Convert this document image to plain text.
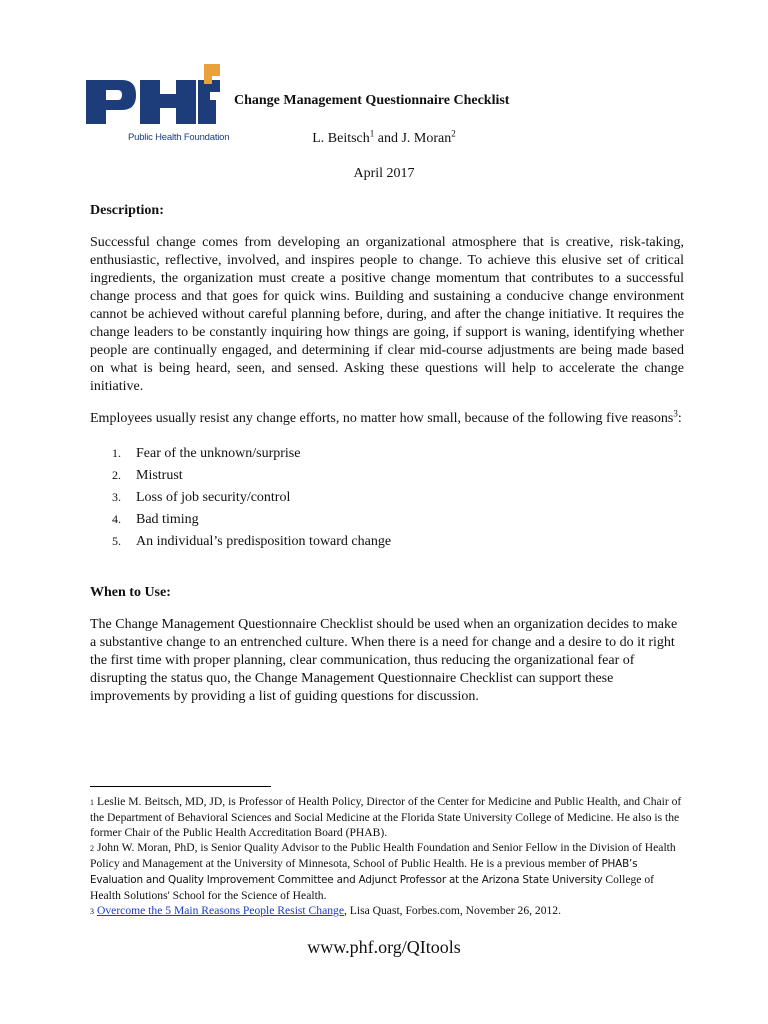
Public Health Foundation
Change Management Questionnaire Checklist
L. Beitsch$^1$ and J. Moran$^2$
April 2017
Description:

Successful change comes from developing an organizational atmosphere that is creative, risk-taking, enthusiastic, reflective, involved, and inspires people to change. To achieve this elusive set of critical ingredients, the organization must create a positive change momentum that contributes to a successful change process and that goes for quick wins. Building and sustaining a conducive change environment cannot be achieved without careful planning before, during, and after the change initiative. It requires the change leaders to be constantly inquiring how things are going, if support is waning, identifying whether people are continually engaged, and determining if clear mid-course adjustments are being made based on what is being heard, seen, and sensed. Asking these questions will help to accelerate the change initiative.

Employees usually resist any change efforts, no matter how small, because of the following five reasons$^3$:

1. Fear of the unknown/surprise
2. Mistrust
3. Loss of job security/control
4. Bad timing
5. An individual’s predisposition toward change
When to Use:

The Change Management Questionnaire Checklist should be used when an organization decides to make a substantive change to an entrenched culture. When there is a need for change and a desire to do it right the first time with proper planning, clear communication, thus reducing the organizational fear of disrupting the status quo, the Change Management Questionnaire Checklist can support these improvements by providing a list of guiding questions for discussion.

1 Leslie M. Beitsch, MD, JD, is Professor of Health Policy, Director of the Center for Medicine and Public Health, and Chair of the Department of Behavioral Sciences and Social Medicine at the Florida State University College of Medicine. He also is the former Chair of the Public Health Accreditation Board (PHAB).

2 John W. Moran, PhD, is Senior Quality Advisor to the Public Health Foundation and Senior Fellow in the Division of Health Policy and Management at the University of Minnesota, School of Public Health. He is a previous member of PHAB’s Evaluation and Quality Improvement Committee and Adjunct Professor at the Arizona State University College of Health Solutions' School for the Science of Health.

3 Overcome the 5 Main Reasons People Resist Change, Lisa Quast, Forbes.com, November 26, 2012.

www.phf.org/QItools
